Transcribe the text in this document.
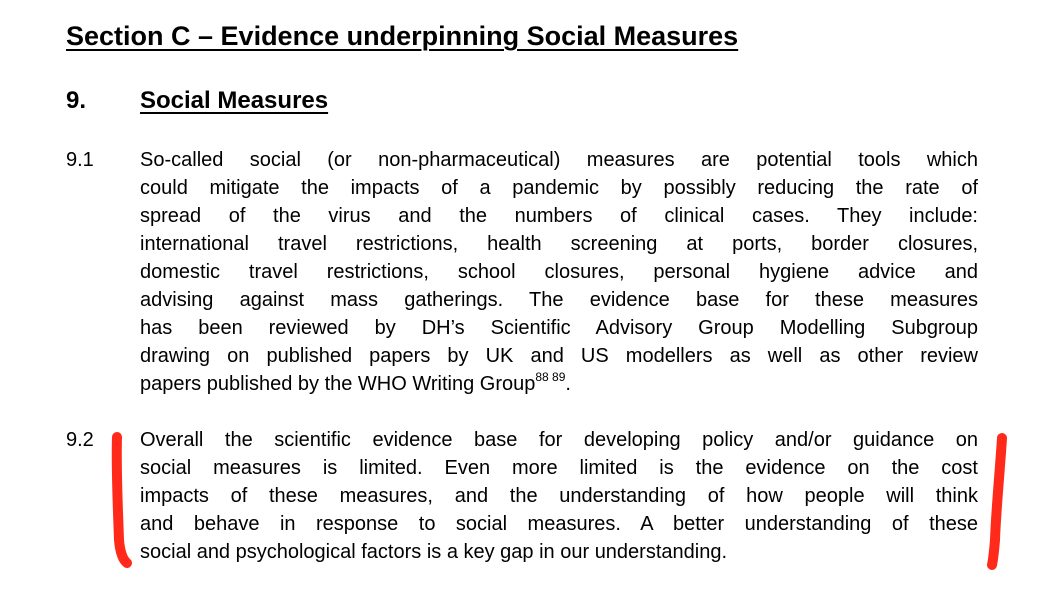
Section C – Evidence underpinning Social Measures
9. Social Measures
9.1 So-called social (or non-pharmaceutical) measures are potential tools which
could mitigate the impacts of a pandemic by possibly reducing the rate of
spread of the virus and the numbers of clinical cases. They include:
international travel restrictions, health screening at ports, border closures,
domestic travel restrictions, school closures, personal hygiene advice and
advising against mass gatherings. The evidence base for these measures
has been reviewed by DH’s Scientific Advisory Group Modelling Subgroup
drawing on published papers by UK and US modellers as well as other review
papers published by the WHO Writing Group$^{88 89}$.
9.2 Overall the scientific evidence base for developing policy and/or guidance on
social measures is limited. Even more limited is the evidence on the cost
impacts of these measures, and the understanding of how people will think
and behave in response to social measures. A better understanding of these
social and psychological factors is a key gap in our understanding.
